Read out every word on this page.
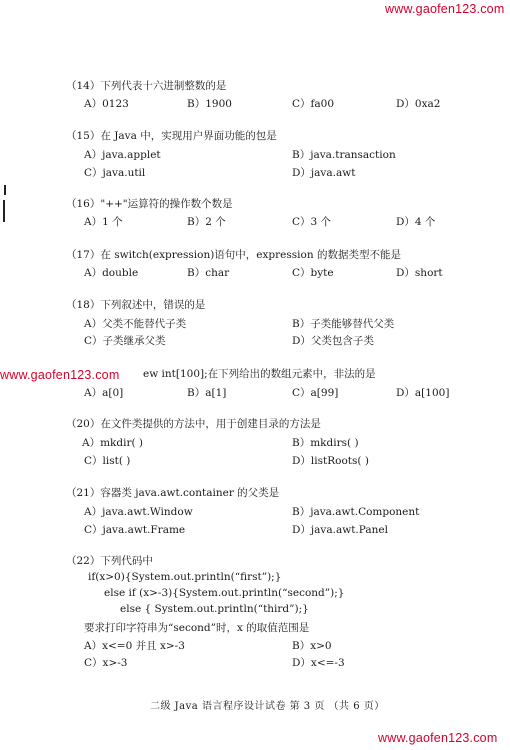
www.gaofen123.com
www.gaofen123.com
www.gaofen123.com
（14）下列代表十六进制整数的是
A）0123	B）1900	C）fa00	D）0xa2
（15）在 Java 中，实现用户界面功能的包是
A）java.applet	B）java.transaction
C）java.util	D）java.awt
（16）"++"运算符的操作数个数是
A）1 个	B）2 个	C）3 个	D）4 个
（17）在 switch(expression)语句中，expression 的数据类型不能是
A）double	B）char	C）byte	D）short
（18）下列叙述中，错误的是
A）父类不能替代子类	B）子类能够替代父类
C）子类继承父类	D）父类包含子类
ew int[100];在下列给出的数组元素中，非法的是
A）a[0]	B）a[1]	C）a[99]	D）a[100]
（20）在文件类提供的方法中，用于创建目录的方法是
A）mkdir( )	B）mkdirs( )
C）list( )	D）listRoots( )
（21）容器类 java.awt.container 的父类是
A）java.awt.Window	B）java.awt.Component
C）java.awt.Frame	D）java.awt.Panel
（22）下列代码中
if(x>0){System.out.println(“first”);}
else if (x>-3){System.out.println(“second”);}
else { System.out.println(“third”);}
要求打印字符串为“second”时，x 的取值范围是
A）x<=0 并且 x>-3	B）x>0
C）x>-3	D）x<=-3
二级 Java 语言程序设计试卷 第 3 页 （共 6 页）
